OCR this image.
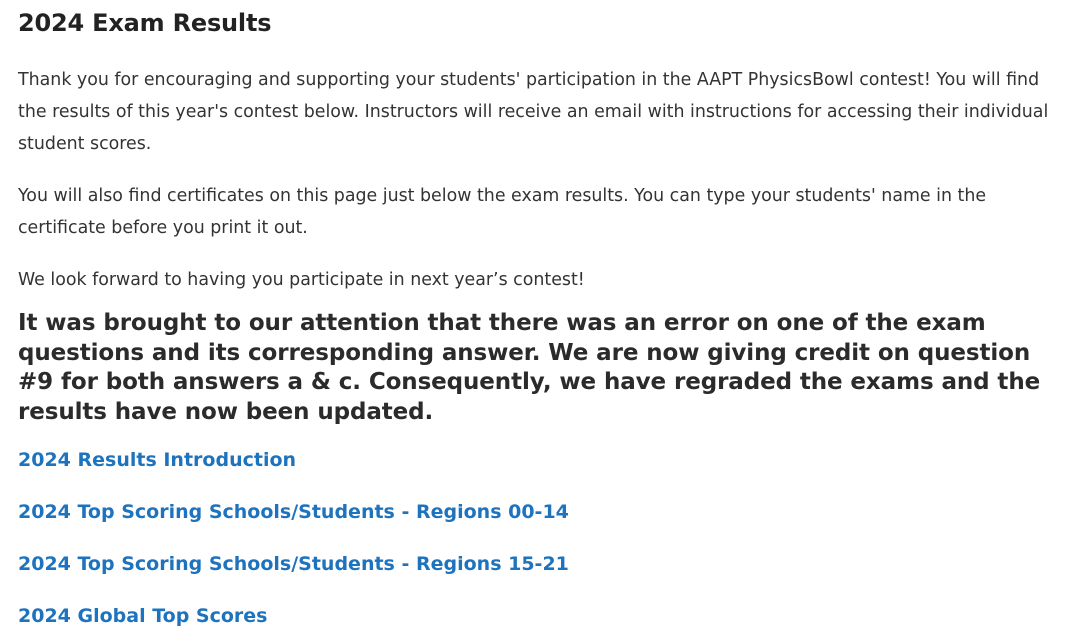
2024 Exam Results

Thank you for encouraging and supporting your students' participation in the AAPT PhysicsBowl contest! You will find the results of this year's contest below. Instructors will receive an email with instructions for accessing their individual student scores.

You will also find certificates on this page just below the exam results. You can type your students' name in the certificate before you print it out.

We look forward to having you participate in next year’s contest!

It was brought to our attention that there was an error on one of the exam questions and its corresponding answer. We are now giving credit on question #9 for both answers a & c. Consequently, we have regraded the exams and the results have now been updated.

2024 Results Introduction
2024 Top Scoring Schools/Students - Regions 00-14
2024 Top Scoring Schools/Students - Regions 15-21
2024 Global Top Scores
